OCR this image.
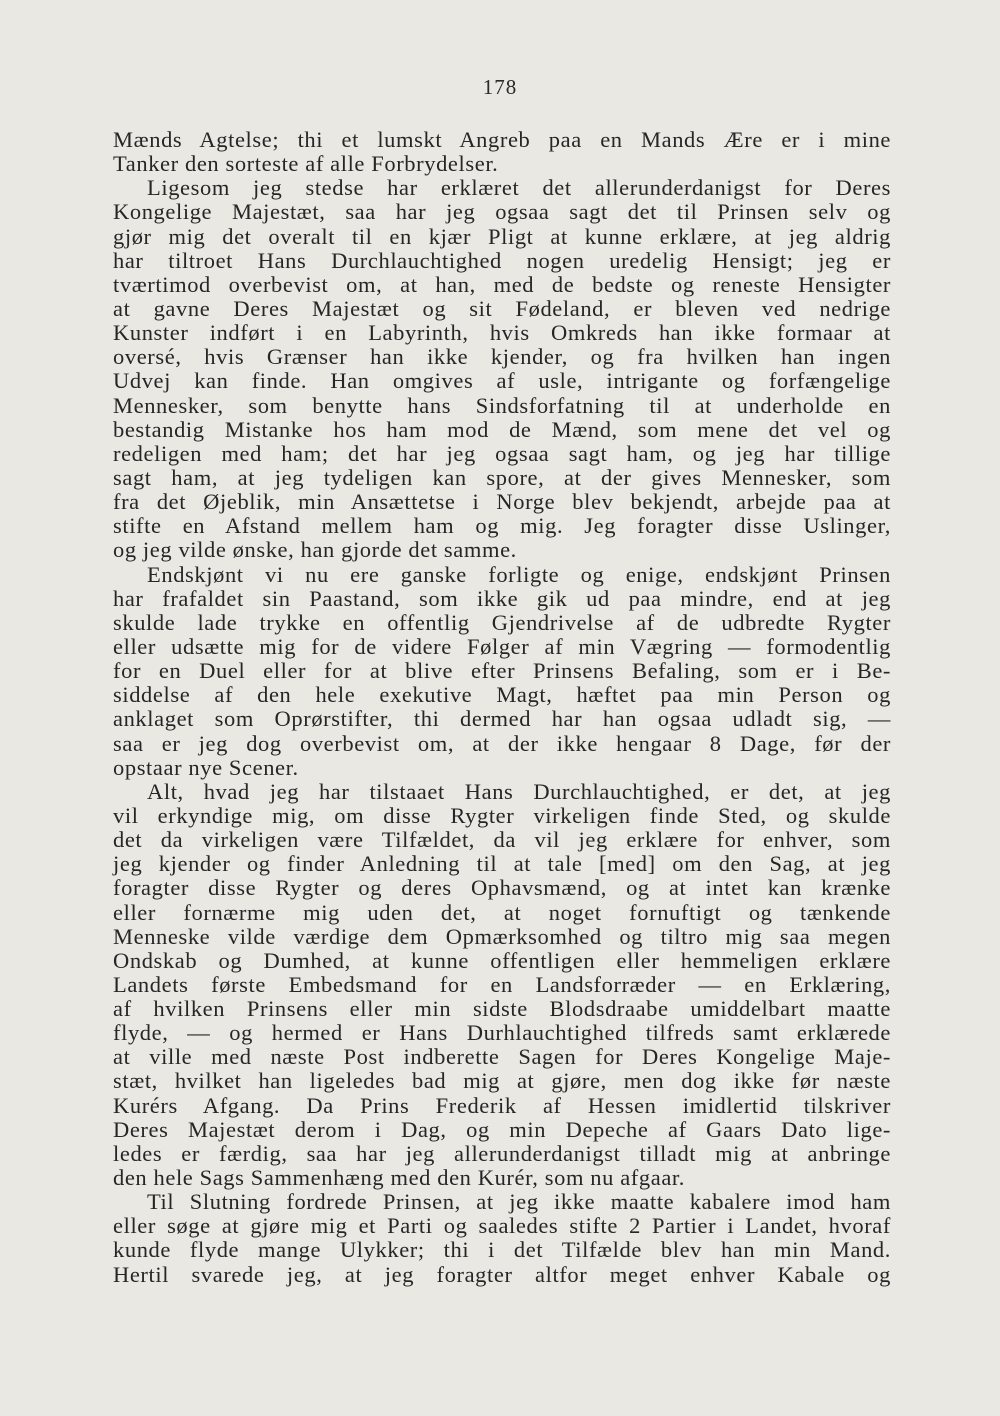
178
Mænds Agtelse; thi et lumskt Angreb paa en Mands Ære er i mine
Tanker den sorteste af alle Forbrydelser.
Ligesom jeg stedse har erklæret det allerunderdanigst for Deres
Kongelige Majestæt, saa har jeg ogsaa sagt det til Prinsen selv og
gjør mig det overalt til en kjær Pligt at kunne erklære, at jeg aldrig
har tiltroet Hans Durchlauchtighed nogen uredelig Hensigt; jeg er
tværtimod overbevist om, at han, med de bedste og reneste Hensigter
at gavne Deres Majestæt og sit Fødeland, er bleven ved nedrige
Kunster indført i en Labyrinth, hvis Omkreds han ikke formaar at
oversé, hvis Grænser han ikke kjender, og fra hvilken han ingen
Udvej kan finde. Han omgives af usle, intrigante og forfængelige
Mennesker, som benytte hans Sindsforfatning til at underholde en
bestandig Mistanke hos ham mod de Mænd, som mene det vel og
redeligen med ham; det har jeg ogsaa sagt ham, og jeg har tillige
sagt ham, at jeg tydeligen kan spore, at der gives Mennesker, som
fra det Øjeblik, min Ansættetse i Norge blev bekjendt, arbejde paa at
stifte en Afstand mellem ham og mig. Jeg foragter disse Uslinger,
og jeg vilde ønske, han gjorde det samme.
Endskjønt vi nu ere ganske forligte og enige, endskjønt Prinsen
har frafaldet sin Paastand, som ikke gik ud paa mindre, end at jeg
skulde lade trykke en offentlig Gjendrivelse af de udbredte Rygter
eller udsætte mig for de videre Følger af min Vægring — formodentlig
for en Duel eller for at blive efter Prinsens Befaling, som er i Be-
siddelse af den hele exekutive Magt, hæftet paa min Person og
anklaget som Oprørstifter, thi dermed har han ogsaa udladt sig, —
saa er jeg dog overbevist om, at der ikke hengaar 8 Dage, før der
opstaar nye Scener.
Alt, hvad jeg har tilstaaet Hans Durchlauchtighed, er det, at jeg
vil erkyndige mig, om disse Rygter virkeligen finde Sted, og skulde
det da virkeligen være Tilfældet, da vil jeg erklære for enhver, som
jeg kjender og finder Anledning til at tale [med] om den Sag, at jeg
foragter disse Rygter og deres Ophavsmænd, og at intet kan krænke
eller fornærme mig uden det, at noget fornuftigt og tænkende
Menneske vilde værdige dem Opmærksomhed og tiltro mig saa megen
Ondskab og Dumhed, at kunne offentligen eller hemmeligen erklære
Landets første Embedsmand for en Landsforræder — en Erklæring,
af hvilken Prinsens eller min sidste Blodsdraabe umiddelbart maatte
flyde, — og hermed er Hans Durhlauchtighed tilfreds samt erklærede
at ville med næste Post indberette Sagen for Deres Kongelige Maje-
stæt, hvilket han ligeledes bad mig at gjøre, men dog ikke før næste
Kurérs Afgang. Da Prins Frederik af Hessen imidlertid tilskriver
Deres Majestæt derom i Dag, og min Depeche af Gaars Dato lige-
ledes er færdig, saa har jeg allerunderdanigst tilladt mig at anbringe
den hele Sags Sammenhæng med den Kurér, som nu afgaar.
Til Slutning fordrede Prinsen, at jeg ikke maatte kabalere imod ham
eller søge at gjøre mig et Parti og saaledes stifte 2 Partier i Landet, hvoraf
kunde flyde mange Ulykker; thi i det Tilfælde blev han min Mand.
Hertil svarede jeg, at jeg foragter altfor meget enhver Kabale og
